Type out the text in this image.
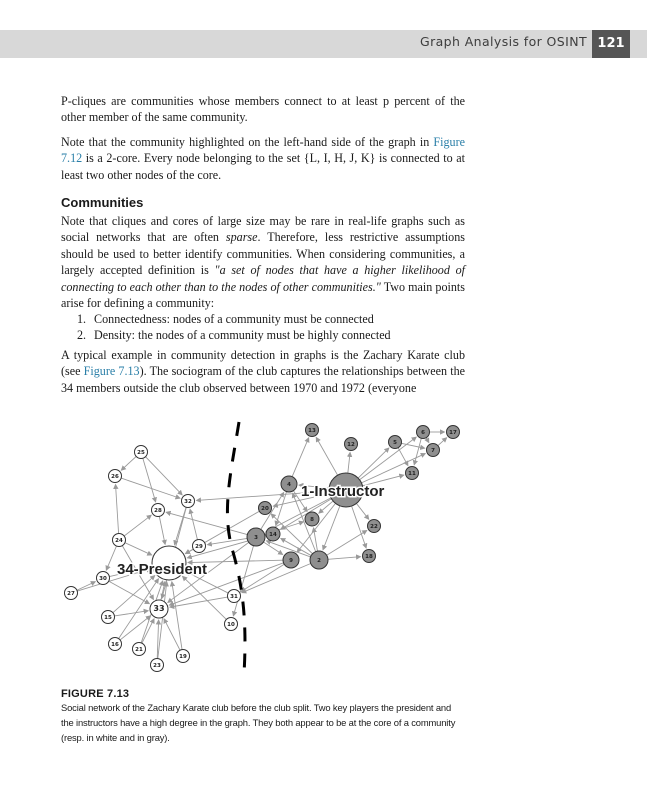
Graph Analysis for OSINT 121

P-cliques are communities whose members connect to at least p percent of the other member of the same community.

Note that the community highlighted on the left-hand side of the graph in Figure 7.12 is a 2-core. Every node belonging to the set {L, I, H, J, K} is connected to at least two other nodes of the core.

Communities

Note that cliques and cores of large size may be rare in real-life graphs such as social networks that are often sparse. Therefore, less restrictive assumptions should be used to better identify communities. When considering communities, a largely accepted definition is "a set of nodes that have a higher likelihood of connecting to each other than to the nodes of other communities." Two main points arise for defining a community:

1. Connectedness: nodes of a community must be connected
2. Density: the nodes of a community must be highly connected

A typical example in community detection in graphs is the Zachary Karate club (see Figure 7.13). The sociogram of the club captures the relationships between the 34 members outside the club observed between 1970 and 1972 (everyone

2
3
4
5
6
7
8
9
10
11
12
13
14
15
16
17
18
19
20
21
22
23
24
25
26
27
28
29
30
31
32
33
1-Instructor
34-President
FIGURE 7.13
Social network of the Zachary Karate club before the club split. Two key players the president and the instructors have a high degree in the graph. They both appear to be at the core of a community (resp. in white and in gray).
